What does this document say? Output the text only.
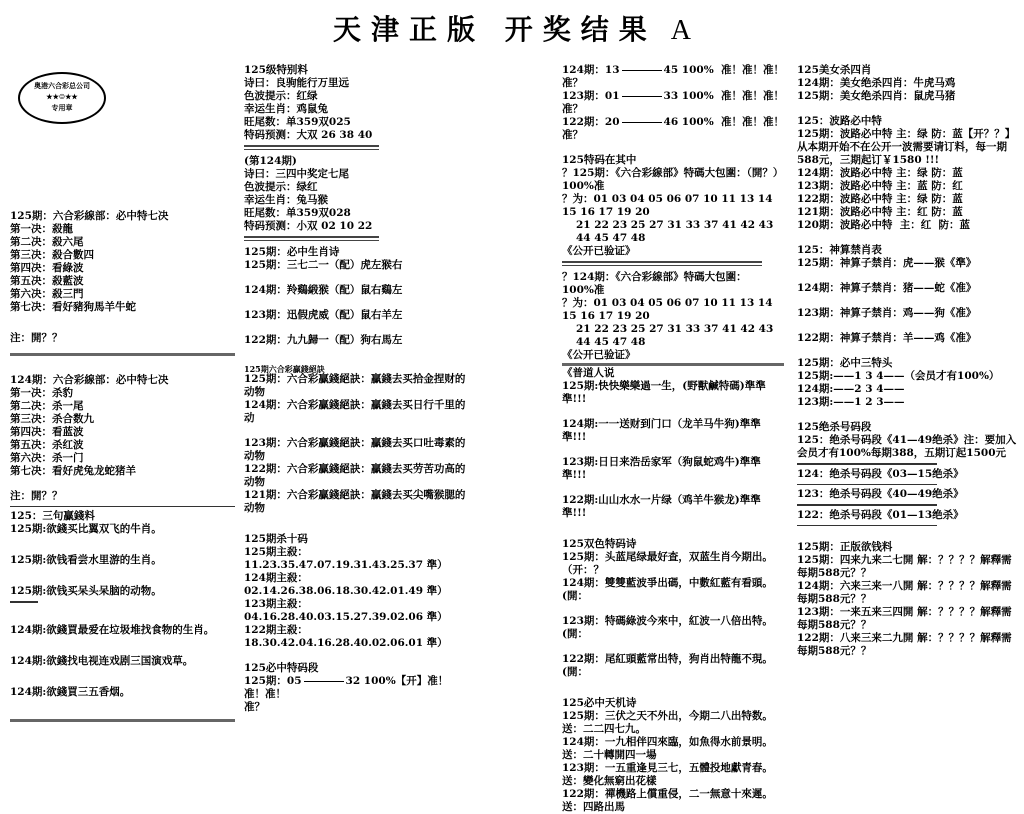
天津正版 开奖结果 A
奥港六合彩总公司
★★☺★★
专用章

125期：六合彩線部：必中特七决

第一决：殺龍

第二决：殺六尾

第三决：殺合數四

第四决：看綠波

第五决：殺藍波

第六决：殺三門

第七决：看好豬狗馬羊牛蛇

注：開？？

124期：六合彩線部：必中特七决

第一决：杀豹

第二决：杀一尾

第三决：杀合数九

第四决：看蓝波

第五决：杀红波

第六决：杀一门

第七决：看好虎兔龙蛇猪羊

注：開？？

125：三句贏錢料

125期:欲錢买比翼双飞的牛肖。

125期:欲钱看尝水里游的生肖。

125期:欲钱买呆头呆脑的动物。

124期:欲錢買最爱在垃圾堆找食物的生肖。

124期:欲錢找电视连戏剧三国演戏草。

124期:欲錢買三五香烟。

125级特别料

诗曰：良驹能行万里远

色波提示：红绿

幸运生肖：鸡鼠兔

旺尾数：单359双025

特码预测：大双 26 38 40

(第124期)

诗曰：三四中奖定七尾

色波提示：绿红

幸运生肖：兔马猴

旺尾数：单359双028

特码预测：小双 02 10 22

125期：必中生肖诗

125期：三七二一（配）虎左猴右

124期：羚鷄緞猴（配）鼠右鷄左

123期：迅假虎威（配）鼠右羊左

122期：九九歸一（配）狗右馬左

125期六合彩贏錢絕訣

125期：六合彩贏錢絕訣：贏錢去买拾金捏财的动物

124期：六合彩贏錢絕訣：贏錢去买日行千里的动

123期：六合彩贏錢絕訣：贏錢去买口吐毒素的动物

122期：六合彩贏錢絕訣：贏錢去买劳苦功高的动物

121期：六合彩贏錢絕訣：贏錢去买尖嘴猴腮的动物

125期杀十码

125期主殺：11.23.35.47.07.19.31.43.25.37 準）

124期主殺：02.14.26.38.06.18.30.42.01.49 準）

123期主殺：04.16.28.40.03.15.27.39.02.06 準）

122期主殺：18.30.42.04.16.28.40.02.06.01 準）

125必中特码段

125期：05	32 100%【开】准！准！准！

准？

124期：13	45 100% 准！准！准！

准？

123期：01	33 100% 准！准！准！

准？

122期：20	46 100% 准！准！准！

准？

125特码在其中

？125期：《六合彩線部》特碼大包圍：（開？）

100%准

？为：01 03 04 05 06 07 10 11 13 14 15 16 17 19 20

21 22 23 25 27 31 33 37 41 42 43 44 45 47 48

《公开已验证》

？124期：《六合彩線部》特碼大包圍：

100%准

？为：01 03 04 05 06 07 10 11 13 14 15 16 17 19 20

21 22 23 25 27 31 33 37 41 42 43 44 45 47 48

《公开已验证》

《普道人说

125期:快快樂樂過一生，(野獸鹹特碼)準準準!!!

124期:一一送财到门口（龙羊马牛狗)準準準!!!

123期:日日来浩岳家军（狗鼠蛇鸡牛)準準準!!!

122期:山山水水一片绿（鸡羊牛猴龙)準準準!!!

125双色特码诗

125期：头蓝尾绿最好查，双蓝生肖今期出。（开：？

124期：雙雙藍波爭出碼，中數紅藍有看頭。(開：

123期：特碼綠波今來中，紅波一八倍出特。(開：

122期：尾紅頭藍常出特，狗肖出特龍不現。(開：

125必中天机诗

125期：三伏之天不外出，今期二八出特数。送：二二四七九。

124期：一九相伴四來臨，如魚得水前景明。送：二十轉開四一場

123期：一五重逢見三七，五體投地獻青春。送：變化無窮出花樣

122期：禪機路上償重侵，二一無意十來遲。送：四路出馬

125美女杀四肖

124期：美女绝杀四肖：牛虎马鸡

125期：美女绝杀四肖：鼠虎马猪

125：波路必中特

125期：波路必中特 主：绿 防：蓝【开？？】从本期开始不在公开一波需要请订料，每一期588元，三期起订￥1580 !!!

124期：波路必中特 主：绿 防：蓝

123期：波路必中特 主：蓝 防：红

122期：波路必中特 主：绿 防：蓝

121期：波路必中特 主：红 防：蓝

120期：波路必中特  主：红  防：蓝

125：神算禁肖表

125期：神算子禁肖：虎——猴《準》

124期：神算子禁肖：猪——蛇《准》

123期：神算子禁肖：鸡——狗《准》

122期：神算子禁肖：羊——鸡《准》

125期：必中三特头

125期:——1 3 4——（会员才有100%）

124期:——2 3 4——

123期:——1 2 3——

125绝杀号码段

125：绝杀号码段《41—49绝杀》注：要加入会员才有100%每期388，五期订起1500元

124：绝杀号码段《03—15绝杀》

123：绝杀号码段《40—49绝杀》

122：绝杀号码段《01—13绝杀》

125期：正版欲钱料

125期：四来九来二七開 解：？？？？解釋需每期588元？？

124期：六来三来一八開 解：？？？？解釋需每期588元？？

123期：一来五来三四開 解：？？？？解釋需每期588元？？

122期：八来三来二九開 解：？？？？解釋需每期588元？？
